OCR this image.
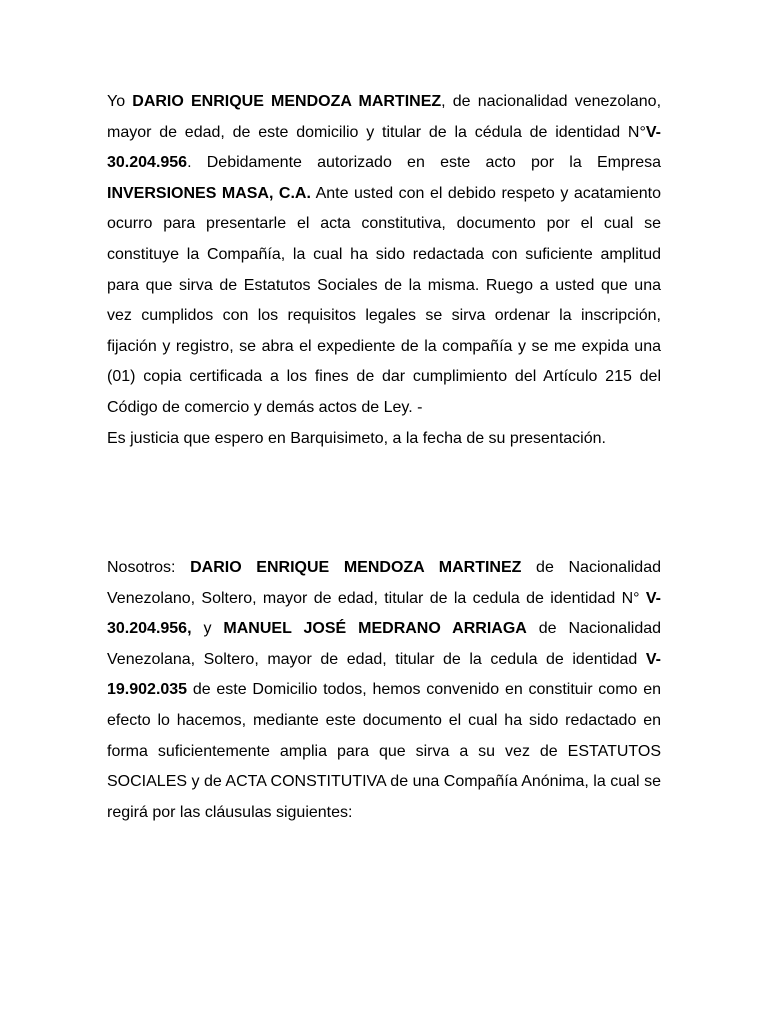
Yo DARIO ENRIQUE MENDOZA MARTINEZ, de nacionalidad venezolano, mayor de edad, de este domicilio y titular de la cédula de identidad N°V-30.204.956. Debidamente autorizado en este acto por la Empresa INVERSIONES MASA, C.A. Ante usted con el debido respeto y acatamiento ocurro para presentarle el acta constitutiva, documento por el cual se constituye la Compañía, la cual ha sido redactada con suficiente amplitud para que sirva de Estatutos Sociales de la misma. Ruego a usted que una vez cumplidos con los requisitos legales se sirva ordenar la inscripción, fijación y registro, se abra el expediente de la compañía y se me expida una (01) copia certificada a los fines de dar cumplimiento del Artículo 215 del Código de comercio y demás actos de Ley. -
Es justicia que espero en Barquisimeto, a la fecha de su presentación.

Nosotros: DARIO ENRIQUE MENDOZA MARTINEZ de Nacionalidad Venezolano, Soltero, mayor de edad, titular de la cedula de identidad N° V-30.204.956, y MANUEL JOSÉ MEDRANO ARRIAGA de Nacionalidad Venezolana, Soltero, mayor de edad, titular de la cedula de identidad V-19.902.035 de este Domicilio todos, hemos convenido en constituir como en efecto lo hacemos, mediante este documento el cual ha sido redactado en forma suficientemente amplia para que sirva a su vez de ESTATUTOS SOCIALES y de ACTA CONSTITUTIVA de una Compañía Anónima, la cual se regirá por las cláusulas siguientes:
